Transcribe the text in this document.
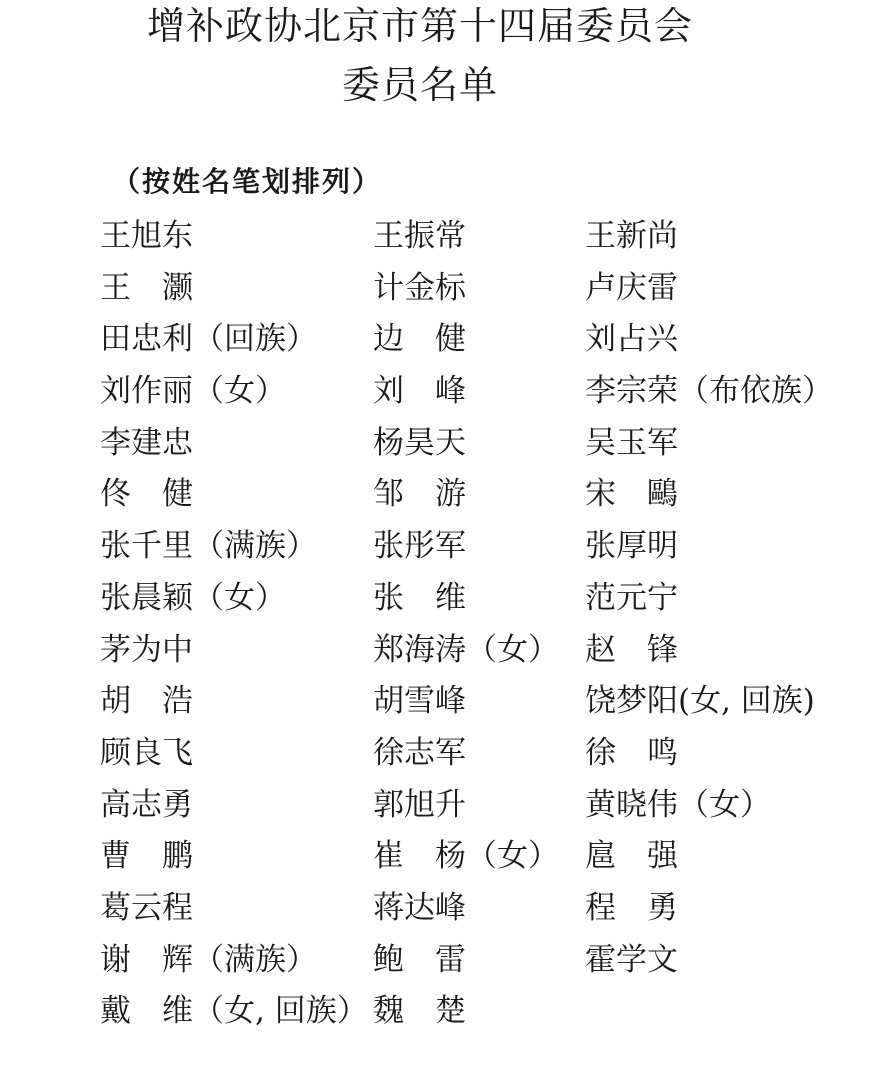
增补政协北京市第十四届委员会
委员名单
（按姓名笔划排列）
王旭东	王振常	王新尚
王　灏	计金标	卢庆雷
田忠利（回族） 边　健	刘占兴
刘作丽（女）	刘　峰	李宗荣（布依族）
李建忠	杨昊天	吴玉军
佟　健	邹　游	宋　鷗
张千里（满族） 张彤军	张厚明
张晨颖（女）	张　维	范元宁
茅为中	郑海涛（女） 赵　锋
胡　浩	胡雪峰	饶梦阳(女, 回族)
顾良飞	徐志军	徐　鸣
高志勇	郭旭升	黄晓伟（女）
曹　鹏	崔　杨（女） 扈　强
葛云程	蒋达峰	程　勇
谢　辉（满族） 鲍　雷	霍学文
戴　维（女, 回族） 魏　楚
